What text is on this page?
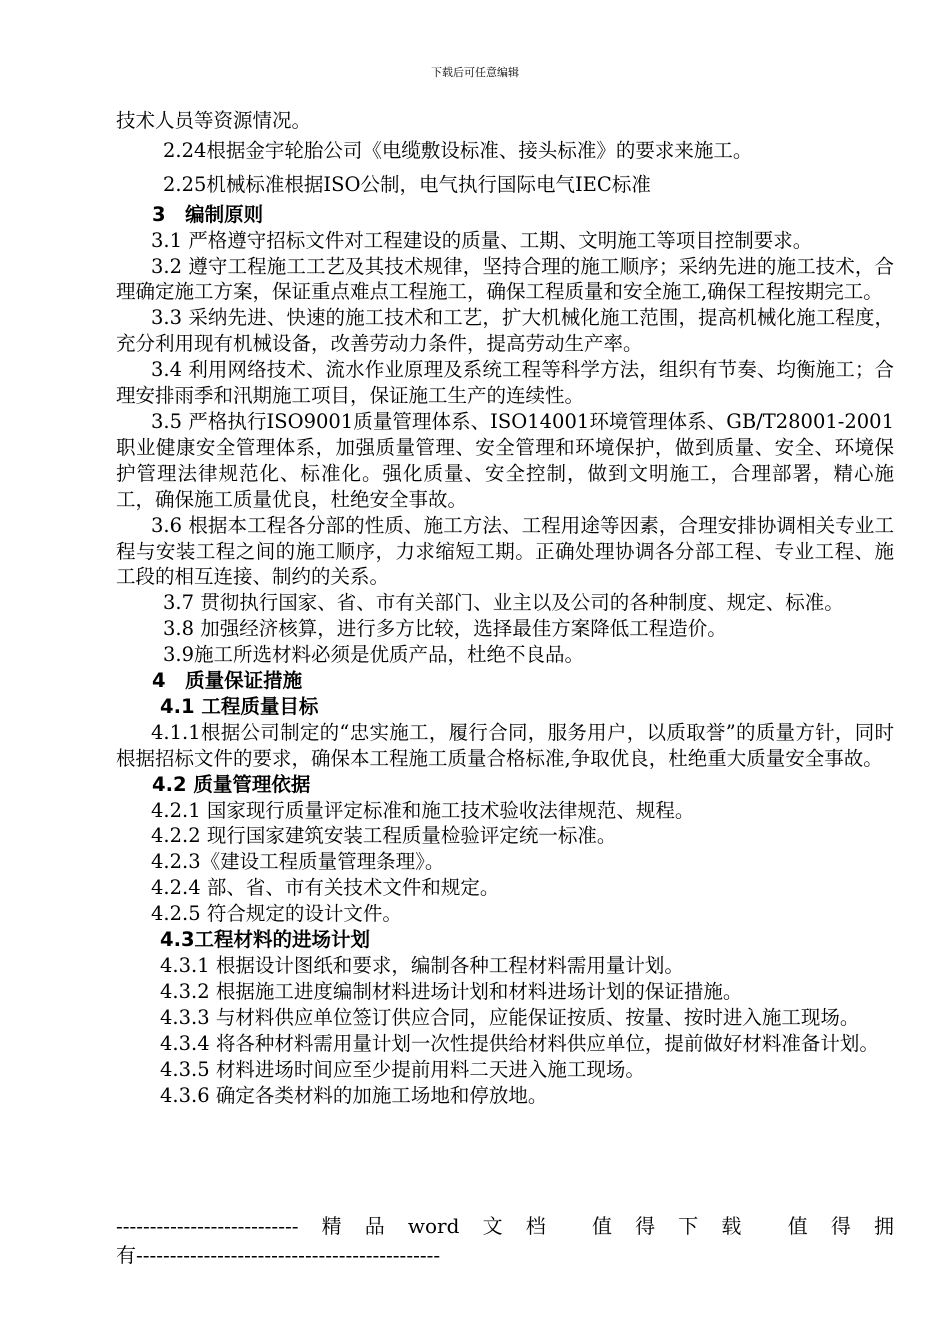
下载后可任意编辑

技术人员等资源情况。

2.24根据金宇轮胎公司《电缆敷设标准、接头标准》的要求来施工。

2.25机械标准根据ISO公制，电气执行国际电气IEC标准

3　编制原则

3.1 严格遵守招标文件对工程建设的质量、工期、文明施工等项目控制要求。

3.2 遵守工程施工工艺及其技术规律，坚持合理的施工顺序；采纳先进的施工技术，合理确定施工方案，保证重点难点工程施工，确保工程质量和安全施工,确保工程按期完工。

3.3 采纳先进、快速的施工技术和工艺，扩大机械化施工范围，提高机械化施工程度，充分利用现有机械设备，改善劳动力条件，提高劳动生产率。

3.4 利用网络技术、流水作业原理及系统工程等科学方法，组织有节奏、均衡施工；合理安排雨季和汛期施工项目，保证施工生产的连续性。

3.5 严格执行ISO9001质量管理体系、ISO14001环境管理体系、GB/T28001-2001职业健康安全管理体系，加强质量管理、安全管理和环境保护，做到质量、安全、环境保护管理法律规范化、标准化。强化质量、安全控制，做到文明施工，合理部署，精心施工，确保施工质量优良，杜绝安全事故。

3.6 根据本工程各分部的性质、施工方法、工程用途等因素，合理安排协调相关专业工程与安装工程之间的施工顺序，力求缩短工期。正确处理协调各分部工程、专业工程、施工段的相互连接、制约的关系。

3.7 贯彻执行国家、省、市有关部门、业主以及公司的各种制度、规定、标准。

3.8 加强经济核算，进行多方比较，选择最佳方案降低工程造价。

3.9施工所选材料必须是优质产品，杜绝不良品。

4　质量保证措施

4.1 工程质量目标

4.1.1根据公司制定的“忠实施工，履行合同，服务用户，以质取誉”的质量方针，同时根据招标文件的要求，确保本工程施工质量合格标准,争取优良，杜绝重大质量安全事故。

4.2 质量管理依据

4.2.1 国家现行质量评定标准和施工技术验收法律规范、规程。

4.2.2 现行国家建筑安装工程质量检验评定统一标准。

4.2.3《建设工程质量管理条理》。

4.2.4 部、省、市有关技术文件和规定。

4.2.5 符合规定的设计文件。

4.3工程材料的进场计划

4.3.1 根据设计图纸和要求，编制各种工程材料需用量计划。

4.3.2 根据施工进度编制材料进场计划和材料进场计划的保证措施。

4.3.3 与材料供应单位签订供应合同，应能保证按质、按量、按时进入施工现场。

4.3.4 将各种材料需用量计划一次性提供给材料供应单位，提前做好材料准备计划。

4.3.5 材料进场时间应至少提前用料二天进入施工现场。

4.3.6 确定各类材料的加施工场地和停放地。

--------------------------- 精 品 word 文 档 值 得 下 载 值 得 拥
有---------------------------------------------
